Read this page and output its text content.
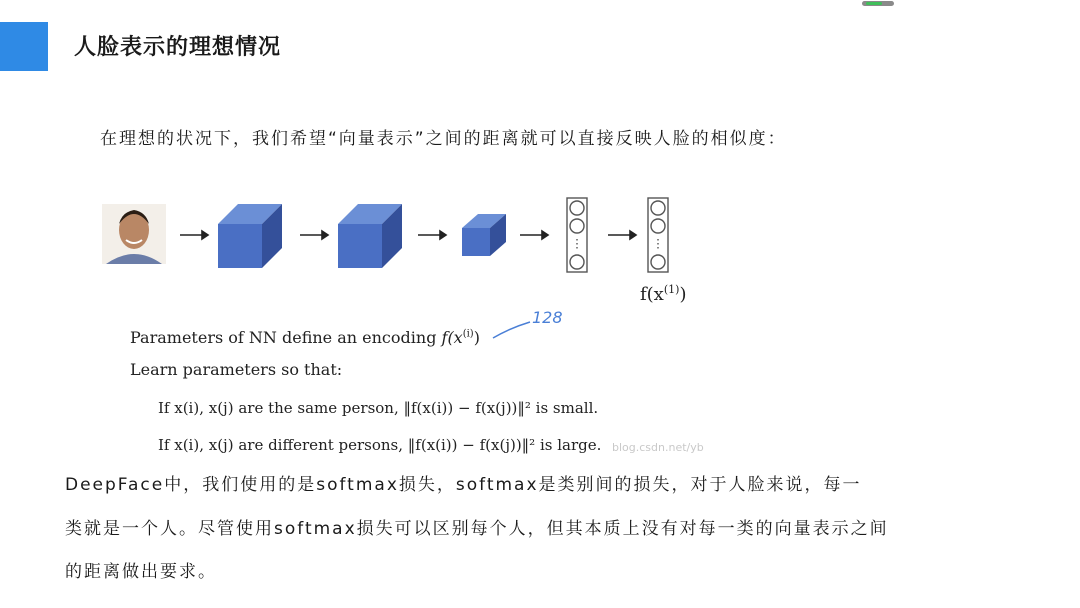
人脸表示的理想情况
在理想的状况下，我们希望“向量表示”之间的距离就可以直接反映人脸的相似度：
$f(x^{(1)})$
128
Parameters of NN define an encoding $f(x^{(i)})$
Learn parameters so that:
If x(i), x(j) are the same person, ‖f(x(i)) − f(x(j))‖² is small.
If x(i), x(j) are different persons, ‖f(x(i)) − f(x(j))‖² is large. blog.csdn.net/yb
DeepFace中，我们使用的是softmax损失，softmax是类别间的损失，对于人脸来说，每一
类就是一个人。尽管使用softmax损失可以区别每个人，但其本质上没有对每一类的向量表示之间
的距离做出要求。
